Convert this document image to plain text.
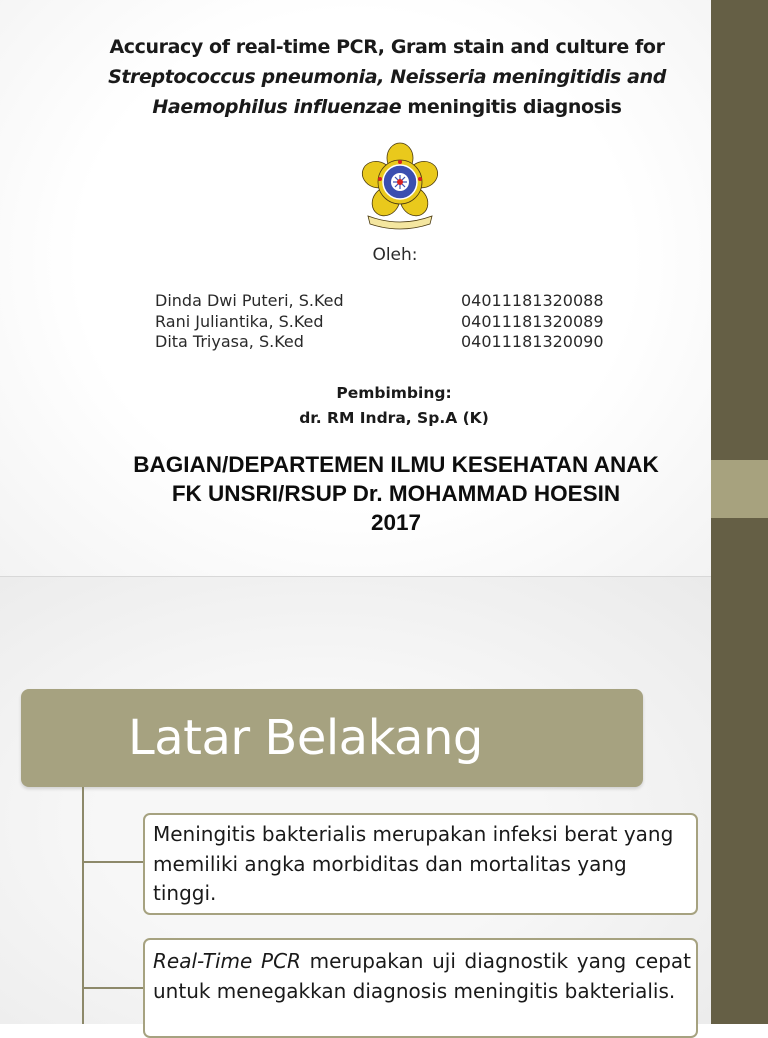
Accuracy of real-time PCR, Gram stain and culture for
Streptococcus pneumonia, Neisseria meningitidis and
Haemophilus influenzae meningitis diagnosis
Oleh:
Dinda Dwi Puteri, S.Ked	04011181320088
Rani Juliantika, S.Ked	04011181320089
Dita Triyasa, S.Ked	04011181320090
Pembimbing:
dr. RM Indra, Sp.A (K)
BAGIAN/DEPARTEMEN ILMU KESEHATAN ANAK
FK UNSRI/RSUP Dr. MOHAMMAD HOESIN
2017
Latar Belakang
Meningitis bakterialis merupakan infeksi berat yang memiliki angka morbiditas dan mortalitas yang tinggi.
Real-Time PCR merupakan uji diagnostik yang cepat untuk menegakkan diagnosis meningitis bakterialis.
